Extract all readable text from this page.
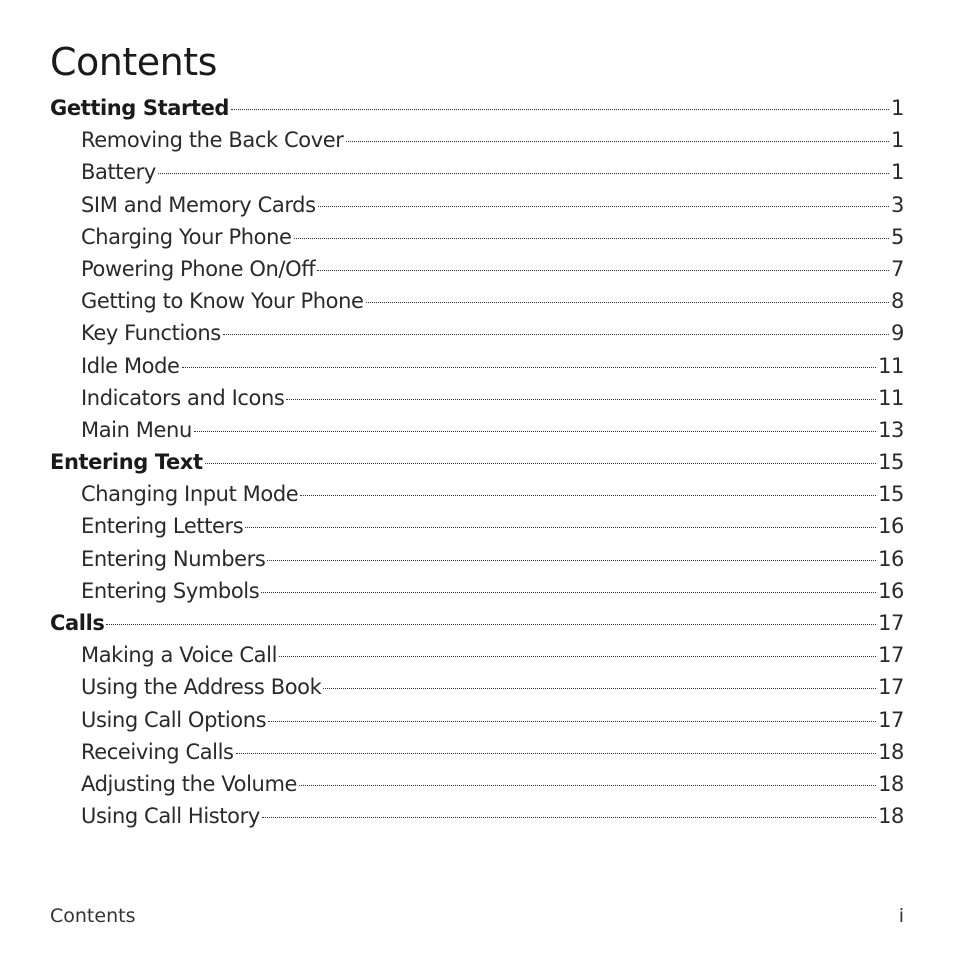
Contents
Getting Started	1
Removing the Back Cover	1
Battery	1
SIM and Memory Cards	3
Charging Your Phone	5
Powering Phone On/Off	7
Getting to Know Your Phone	8
Key Functions	9
Idle Mode	11
Indicators and Icons	11
Main Menu	13
Entering Text	15
Changing Input Mode	15
Entering Letters	16
Entering Numbers	16
Entering Symbols	16
Calls	17
Making a Voice Call	17
Using the Address Book	17
Using Call Options	17
Receiving Calls	18
Adjusting the Volume	18
Using Call History	18
Contents	i
